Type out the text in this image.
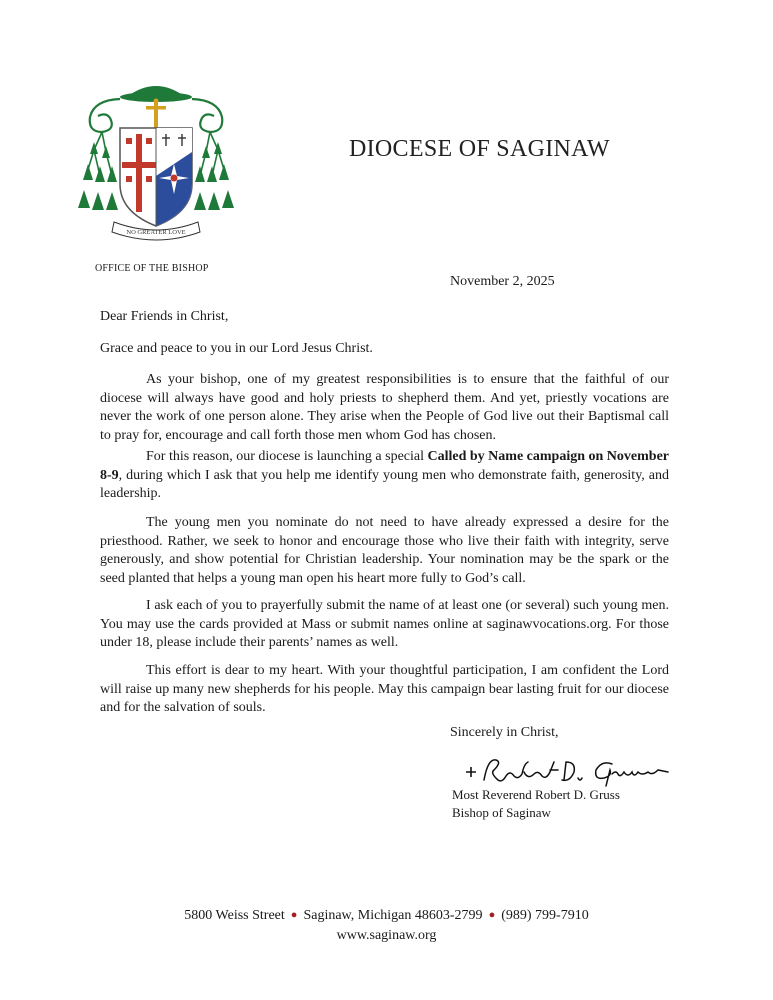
NO GREATER LOVE
OFFICE OF THE BISHOP
DIOCESE OF SAGINAW
November 2, 2025
Dear Friends in Christ,
Grace and peace to you in our Lord Jesus Christ.
As your bishop, one of my greatest responsibilities is to ensure that the faithful of our diocese will always have good and holy priests to shepherd them. And yet, priestly vocations are never the work of one person alone. They arise when the People of God live out their Baptismal call to pray for, encourage and call forth those men whom God has chosen.
For this reason, our diocese is launching a special Called by Name campaign on November 8-9, during which I ask that you help me identify young men who demonstrate faith, generosity, and leadership.
The young men you nominate do not need to have already expressed a desire for the priesthood. Rather, we seek to honor and encourage those who live their faith with integrity, serve generously, and show potential for Christian leadership. Your nomination may be the spark or the seed planted that helps a young man open his heart more fully to God’s call.
I ask each of you to prayerfully submit the name of at least one (or several) such young men. You may use the cards provided at Mass or submit names online at saginawvocations.org. For those under 18, please include their parents’ names as well.
This effort is dear to my heart. With your thoughtful participation, I am confident the Lord will raise up many new shepherds for his people. May this campaign bear lasting fruit for our diocese and for the salvation of souls.
Sincerely in Christ,
Most Reverend Robert D. Gruss
Bishop of Saginaw
5800 Weiss Street ● Saginaw, Michigan 48603-2799 ● (989) 799-7910
www.saginaw.org
